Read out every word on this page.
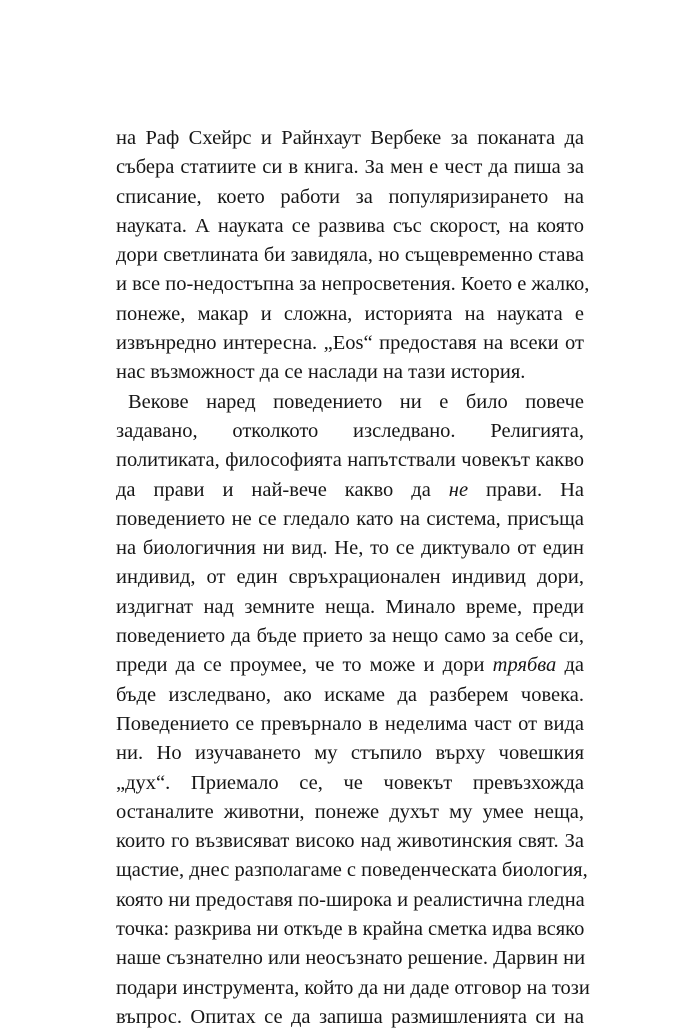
на Раф Схейрс и Райнхаут Вербеке за поканата да
събера статиите си в книга. За мен е чест да пиша за
списание, което работи за популяризирането на
науката. А науката се развива със скорост, на която
дори светлината би завидяла, но същевременно става
и все по-недостъпна за непросветения. Което е жалко,
понеже, макар и сложна, историята на науката е
извънредно интересна. „Eos“ предоставя на всеки от
нас възможност да се наслади на тази история.
Векове наред поведението ни е било повече
задавано, отколкото изследвано. Религията,
политиката, философията напътствали човекът какво
да прави и най-вече какво да не прави. На
поведението не се гледало като на система, присъща
на биологичния ни вид. Не, то се диктувало от един
индивид, от един свръхрационален индивид дори,
издигнат над земните неща. Минало време, преди
поведението да бъде прието за нещо само за себе си,
преди да се проумее, че то може и дори трябва да
бъде изследвано, ако искаме да разберем човека.
Поведението се превърнало в неделима част от вида
ни. Но изучаването му стъпило върху човешкия
„дух“. Приемало се, че човекът превъзхожда
останалите животни, понеже духът му умее неща,
които го възвисяват високо над животинския свят. За
щастие, днес разполагаме с поведенческата биология,
която ни предоставя по-широка и реалистична гледна
точка: разкрива ни откъде в крайна сметка идва всяко
наше съзнателно или неосъзнато решение. Дарвин ни
подари инструмента, който да ни даде отговор на този
въпрос. Опитах се да запиша размишленията си на
